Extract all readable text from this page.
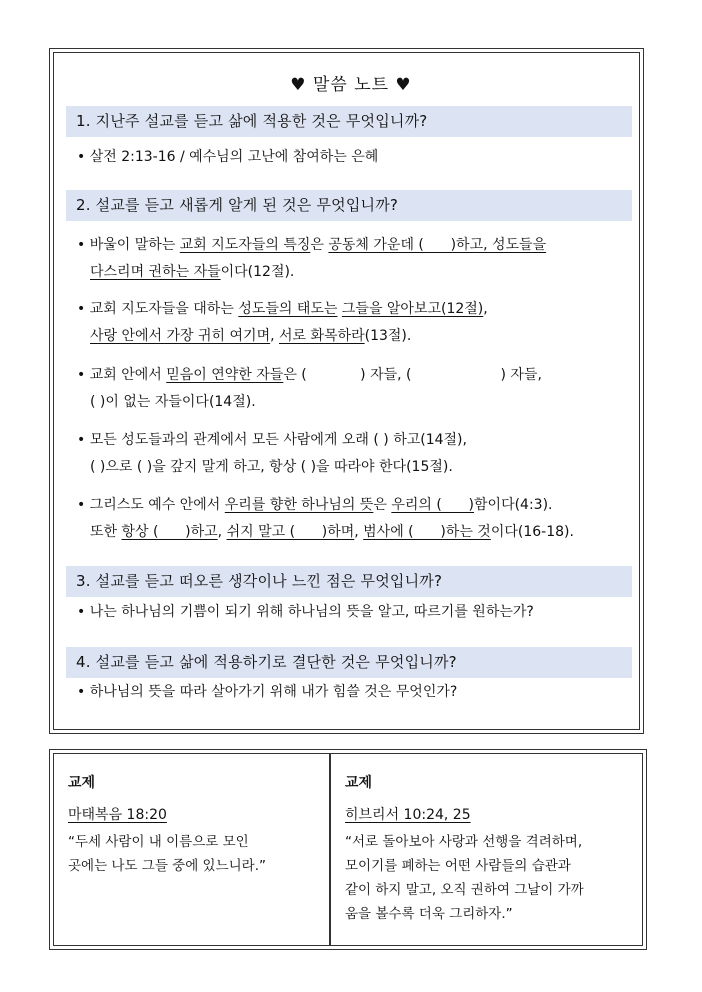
♥ 말씀 노트 ♥
1. 지난주 설교를 듣고 삶에 적용한 것은 무엇입니까?
• 살전 2:13-16 / 예수님의 고난에 참여하는 은혜
2. 설교를 듣고 새롭게 알게 된 것은 무엇입니까?
• 바울이 말하는 교회 지도자들의 특징은 공동체 가운데 (      )하고, 성도들을
다스리며 권하는 자들이다(12절).
• 교회 지도자들을 대하는 성도들의 태도는 그들을 알아보고(12절),
사랑 안에서 가장 귀히 여기며, 서로 화목하라(13절).
• 교회 안에서 믿음이 연약한 자들은 (            ) 자들, (                    ) 자들,
( )이 없는 자들이다(14절).
• 모든 성도들과의 관계에서 모든 사람에게 오래 ( ) 하고(14절),
( )으로 ( )을 갚지 말게 하고, 항상 ( )을 따라야 한다(15절).
• 그리스도 예수 안에서 우리를 향한 하나님의 뜻은 우리의 (      )함이다(4:3).
또한 항상 (      )하고, 쉬지 말고 (      )하며, 범사에 (      )하는 것이다(16-18).
3. 설교를 듣고 떠오른 생각이나 느낀 점은 무엇입니까?
• 나는 하나님의 기쁨이 되기 위해 하나님의 뜻을 알고, 따르기를 원하는가?
4. 설교를 듣고 삶에 적용하기로 결단한 것은 무엇입니까?
• 하나님의 뜻을 따라 살아가기 위해 내가 힘쓸 것은 무엇인가?
교제
마태복음 18:20
“두세 사람이 내 이름으로 모인
곳에는 나도 그들 중에 있느니라.”
교제
히브리서 10:24, 25
“서로 돌아보아 사랑과 선행을 격려하며,
모이기를 폐하는 어떤 사람들의 습관과
같이 하지 말고, 오직 권하여 그날이 가까
움을 볼수록 더욱 그리하자.”
